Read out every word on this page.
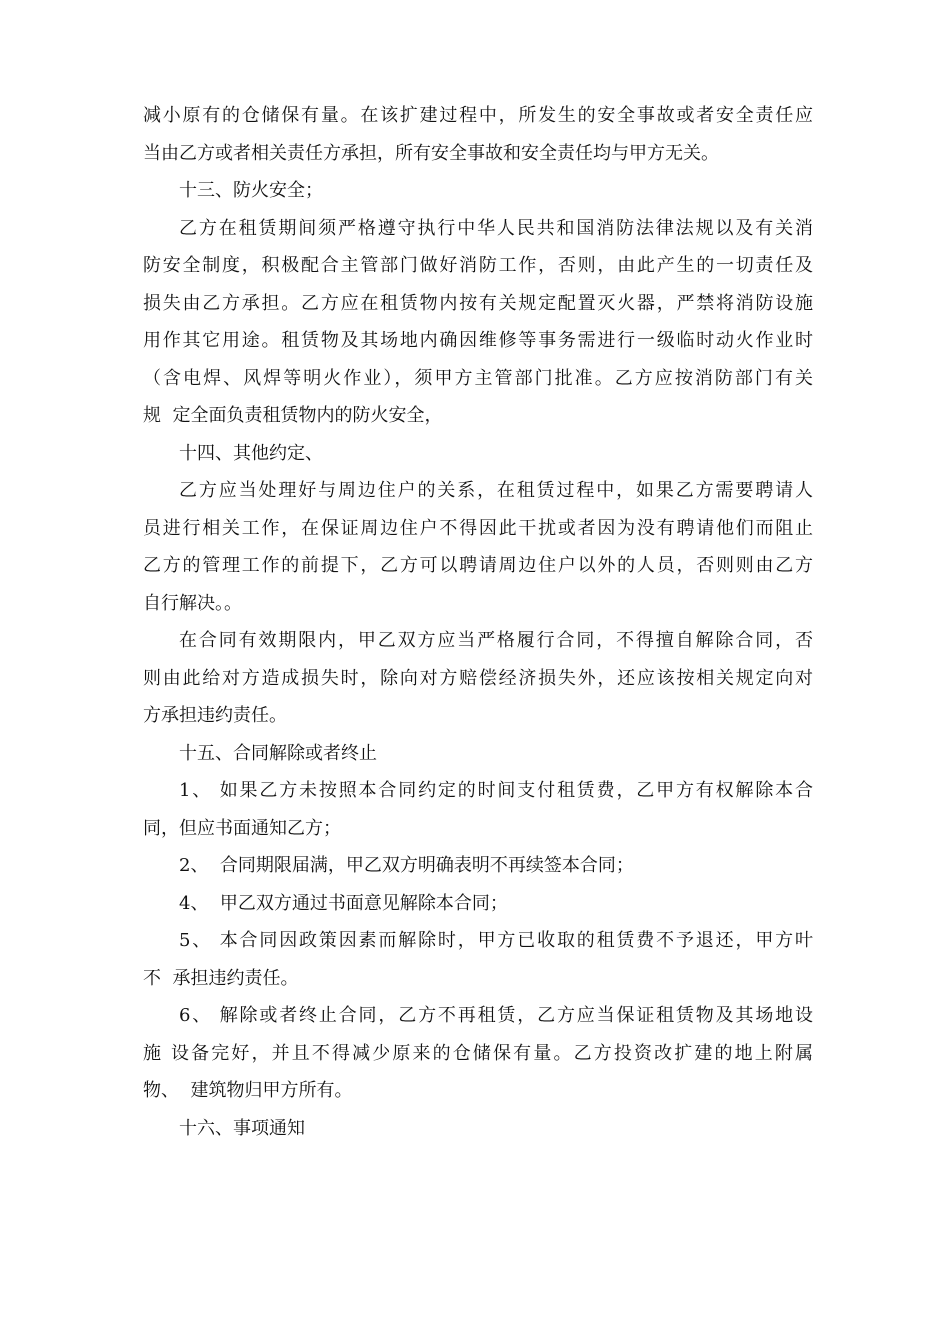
减小原有的仓储保有量。在该扩建过程中，所发生的安全事故或者安全责任应
当由乙方或者相关责任方承担，所有安全事故和安全责任均与甲方无关。
十三、防火安全；
乙方在租赁期间须严格遵守执行中华人民共和国消防法律法规以及有关消
防安全制度，积极配合主管部门做好消防工作，否则，由此产生的一切责任及
损失由乙方承担。乙方应在租赁物内按有关规定配置灭火器，严禁将消防设施
用作其它用途。租赁物及其场地内确因维修等事务需进行一级临时动火作业时
（含电焊、风焊等明火作业），须甲方主管部门批准。乙方应按消防部门有关
规  定全面负责租赁物内的防火安全，
十四、其他约定、
乙方应当处理好与周边住户的关系，在租赁过程中，如果乙方需要聘请人
员进行相关工作，在保证周边住户不得因此干扰或者因为没有聘请他们而阻止
乙方的管理工作的前提下，乙方可以聘请周边住户以外的人员，否则则由乙方
自行解决。。
在合同有效期限内，甲乙双方应当严格履行合同，不得擅自解除合同，否
则由此给对方造成损失时，除向对方赔偿经济损失外，还应该按相关规定向对
方承担违约责任。
十五、合同解除或者终止
1、 如果乙方未按照本合同约定的时间支付租赁费，乙甲方有权解除本合
同，但应书面通知乙方；
2、  合同期限届满，甲乙双方明确表明不再续签本合同；
4、  甲乙双方通过书面意见解除本合同；
5、 本合同因政策因素而解除时，甲方已收取的租赁费不予退还，甲方叶
不  承担违约责任。
6、 解除或者终止合同，乙方不再租赁，乙方应当保证租赁物及其场地设
施 设备完好，并且不得减少原来的仓储保有量。乙方投资改扩建的地上附属
物、  建筑物归甲方所有。
十六、事项通知
